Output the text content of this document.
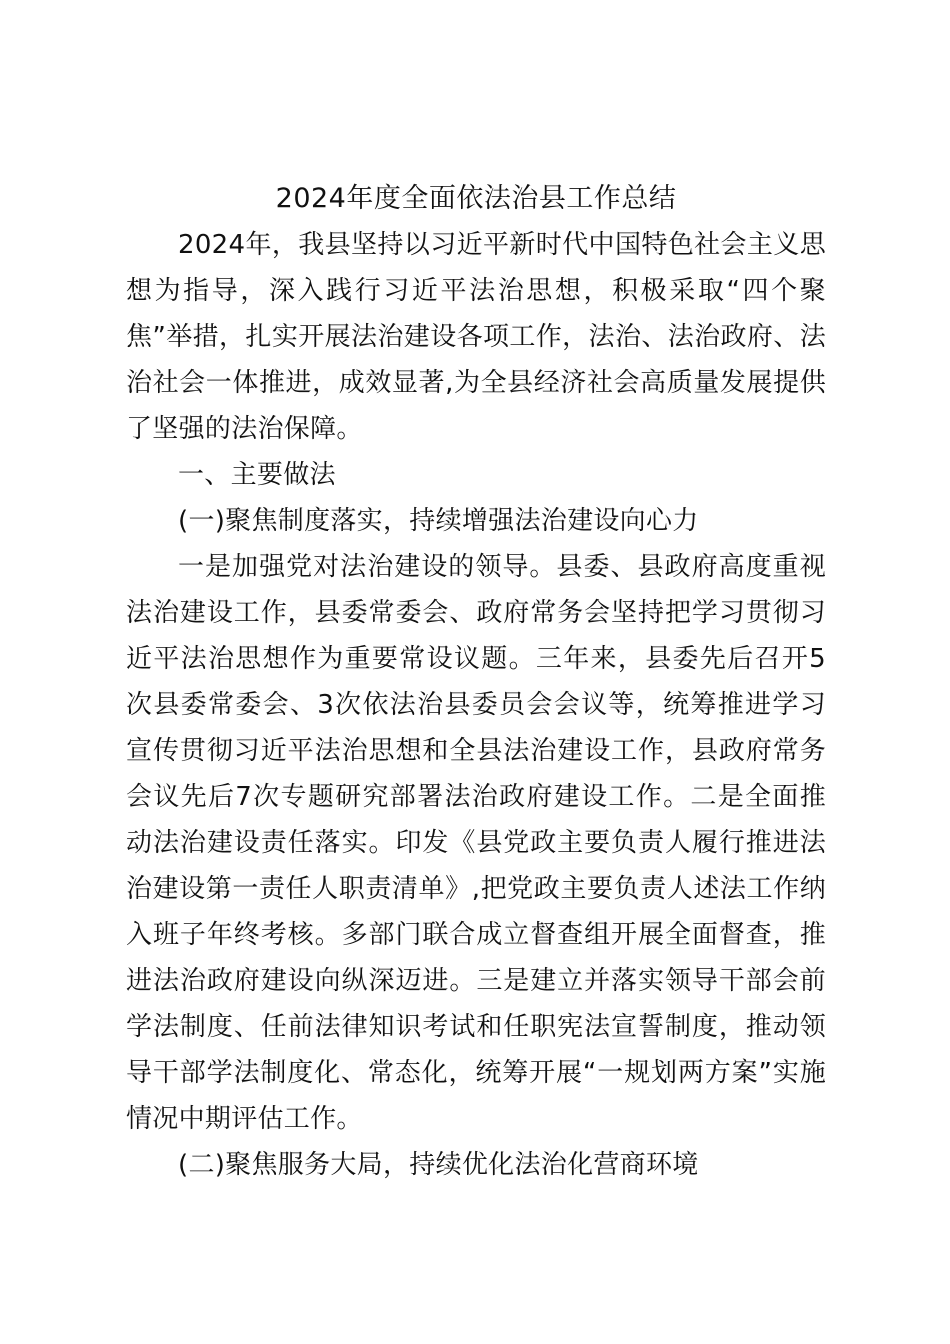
2024年度全面依法治县工作总结

2024年，我县坚持以习近平新时代中国特色社会主义思想为指导，深入践行习近平法治思想，积极采取“四个聚焦”举措，扎实开展法治建设各项工作，法治、法治政府、法治社会一体推进，成效显著,为全县经济社会高质量发展提供了坚强的法治保障。

一、主要做法

(一)聚焦制度落实，持续增强法治建设向心力

一是加强党对法治建设的领导。县委、县政府高度重视法治建设工作，县委常委会、政府常务会坚持把学习贯彻习近平法治思想作为重要常设议题。三年来，县委先后召开5次县委常委会、3次依法治县委员会会议等，统筹推进学习宣传贯彻习近平法治思想和全县法治建设工作，县政府常务会议先后7次专题研究部署法治政府建设工作。二是全面推动法治建设责任落实。印发《县党政主要负责人履行推进法治建设第一责任人职责清单》,把党政主要负责人述法工作纳入班子年终考核。多部门联合成立督查组开展全面督查，推进法治政府建设向纵深迈进。三是建立并落实领导干部会前学法制度、任前法律知识考试和任职宪法宣誓制度，推动领导干部学法制度化、常态化，统筹开展“一规划两方案”实施情况中期评估工作。

(二)聚焦服务大局，持续优化法治化营商环境
